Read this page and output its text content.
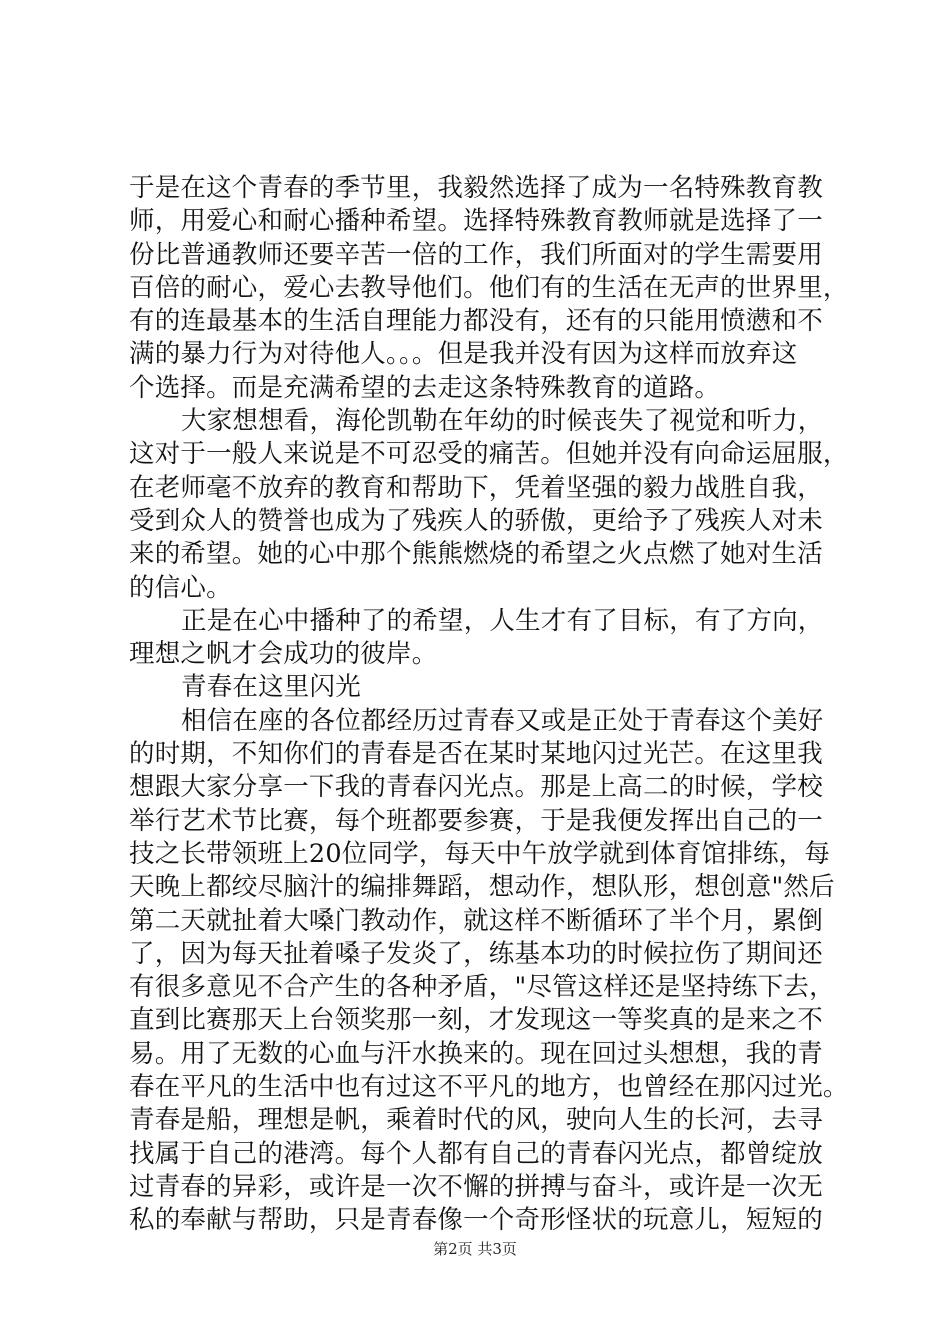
于是在这个青春的季节里，我毅然选择了成为一名特殊教育教
师，用爱心和耐心播种希望。选择特殊教育教师就是选择了一
份比普通教师还要辛苦一倍的工作，我们所面对的学生需要用
百倍的耐心，爱心去教导他们。他们有的生活在无声的世界里，
有的连最基本的生活自理能力都没有，还有的只能用愤懑和不
满的暴力行为对待他人。。。但是我并没有因为这样而放弃这
个选择。而是充满希望的去走这条特殊教育的道路。
大家想想看，海伦凯勒在年幼的时候丧失了视觉和听力，
这对于一般人来说是不可忍受的痛苦。但她并没有向命运屈服，
在老师毫不放弃的教育和帮助下，凭着坚强的毅力战胜自我，
受到众人的赞誉也成为了残疾人的骄傲，更给予了残疾人对未
来的希望。她的心中那个熊熊燃烧的希望之火点燃了她对生活
的信心。
正是在心中播种了的希望，人生才有了目标，有了方向，
理想之帆才会成功的彼岸。
青春在这里闪光
相信在座的各位都经历过青春又或是正处于青春这个美好
的时期，不知你们的青春是否在某时某地闪过光芒。在这里我
想跟大家分享一下我的青春闪光点。那是上高二的时候，学校
举行艺术节比赛，每个班都要参赛，于是我便发挥出自己的一
技之长带领班上20位同学，每天中午放学就到体育馆排练，每
天晚上都绞尽脑汁的编排舞蹈，想动作，想队形，想创意"然后
第二天就扯着大嗓门教动作，就这样不断循环了半个月，累倒
了，因为每天扯着嗓子发炎了，练基本功的时候拉伤了期间还
有很多意见不合产生的各种矛盾，"尽管这样还是坚持练下去，
直到比赛那天上台领奖那一刻，才发现这一等奖真的是来之不
易。用了无数的心血与汗水换来的。现在回过头想想，我的青
春在平凡的生活中也有过这不平凡的地方，也曾经在那闪过光。
青春是船，理想是帆，乘着时代的风，驶向人生的长河，去寻
找属于自己的港湾。每个人都有自己的青春闪光点，都曾绽放
过青春的异彩，或许是一次不懈的拼搏与奋斗，或许是一次无
私的奉献与帮助，只是青春像一个奇形怪状的玩意儿，短短的
第2页 共3页
